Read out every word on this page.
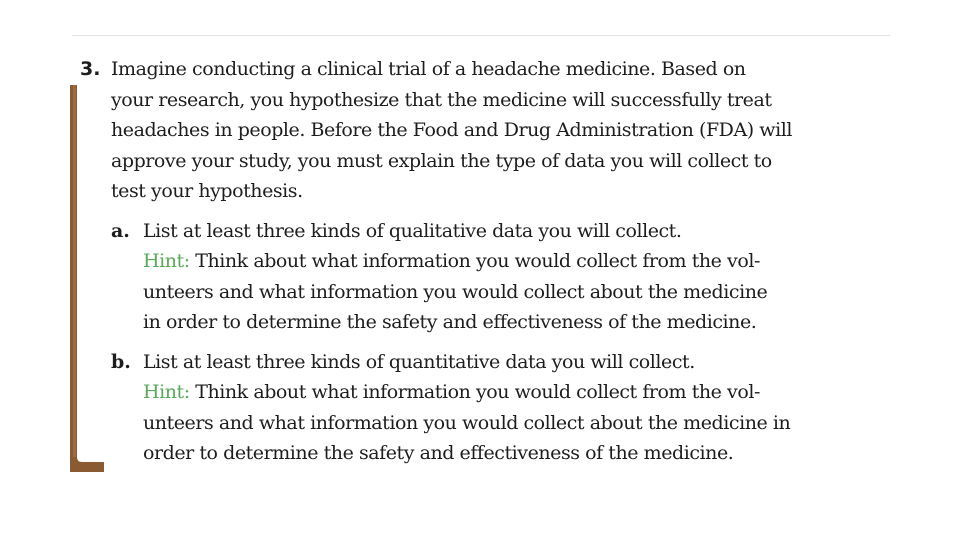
3. Imagine conducting a clinical trial of a headache medicine. Based on
your research, you hypothesize that the medicine will successfully treat
headaches in people. Before the Food and Drug Administration (FDA) will
approve your study, you must explain the type of data you will collect to
test your hypothesis.
a. List at least three kinds of qualitative data you will collect.
Hint: Think about what information you would collect from the vol-
unteers and what information you would collect about the medicine
in order to determine the safety and effectiveness of the medicine.
b. List at least three kinds of quantitative data you will collect.
Hint: Think about what information you would collect from the vol-
unteers and what information you would collect about the medicine in
order to determine the safety and effectiveness of the medicine.
